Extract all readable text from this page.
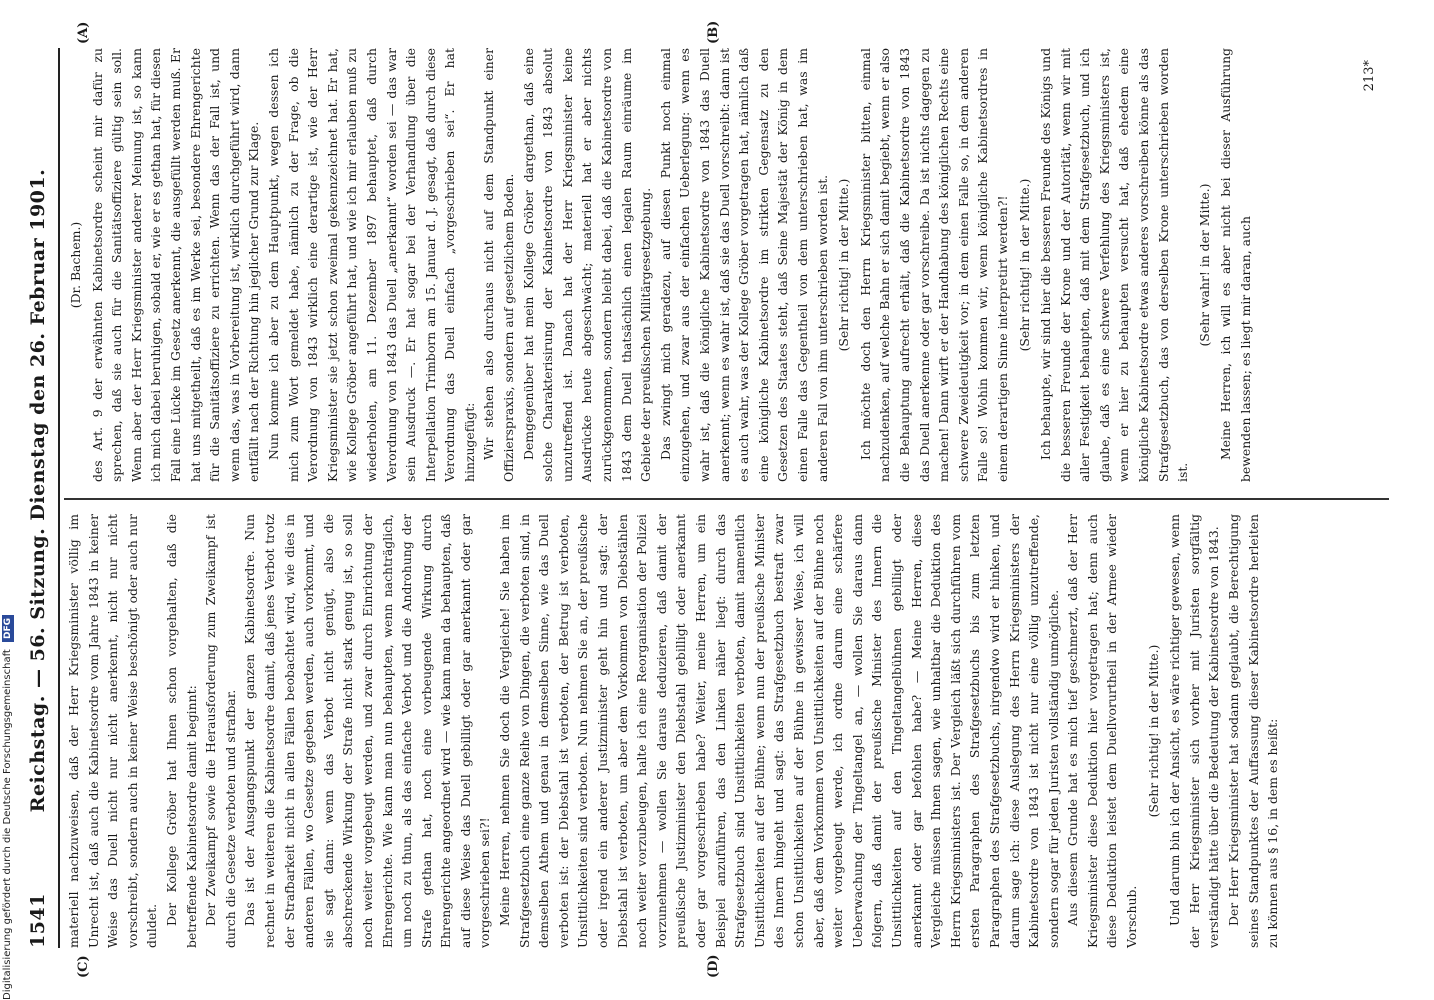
1541
Reichstag. — 56. Sitzung. Dienstag den 26. Februar 1901.
(C)	(D)
(A)	(B)

materiell nachzuweisen, daß der Herr Kriegsminister völlig im Unrecht ist, daß auch die Kabinetsordre vom Jahre 1843 in keiner Weise das Duell nicht nur nicht anerkennt, nicht nur nicht vorschreibt, sondern auch in keiner Weise beschönigt oder auch nur duldet. Der Kollege Gröber hat Ihnen schon vorgehalten, daß die betreffende Kabinetsordre damit beginnt: Der Zweikampf sowie die Herausforderung zum Zweikampf ist durch die Gesetze verboten und strafbar. Das ist der Ausgangspunkt der ganzen Kabinetsordre. Nun rechnet in weiteren die Kabinetsordre damit, daß jenes Verbot trotz der Strafbarkeit nicht in allen Fällen beobachtet wird, wie dies in anderen Fällen, wo Gesetze gegeben werden, auch vorkommt, und sie sagt dann: wenn das Verbot nicht genügt, also die abschreckende Wirkung der Strafe nicht stark genug ist, so soll noch weiter vorgebeugt werden, und zwar durch Einrichtung der Ehrengerichte. Wie kann man nun behaupten, wenn nachträglich, um noch zu thun, als das einfache Verbot und die Androhung der Strafe gethan hat, noch eine vorbeugende Wirkung durch Ehrengerichte angeordnet wird — wie kann man da behaupten, daß auf diese Weise das Duell gebilligt oder gar anerkannt oder gar vorgeschrieben sei?! Meine Herren, nehmen Sie doch die Vergleiche! Sie haben im Strafgesetzbuch eine ganze Reihe von Dingen, die verboten sind, in demselben Athem und genau in demselben Sinne, wie das Duell verboten ist: der Diebstahl ist verboten, der Betrug ist verboten, Unsittlichkeiten sind verboten. Nun nehmen Sie an, der preußische oder irgend ein anderer Justizminister geht hin und sagt: der Diebstahl ist verboten, um aber dem Vorkommen von Diebstählen noch weiter vorzubeugen, halte ich eine Reorganisation der Polizei vorzunehmen — wollen Sie daraus deduzieren, daß damit der preußische Justizminister den Diebstahl gebilligt oder anerkannt oder gar vorgeschrieben habe? Weiter, meine Herren, um ein Beispiel anzuführen, das den Linken näher liegt: durch das Strafgesetzbuch sind Unsittlichkeiten verboten, damit namentlich Unsittlichkeiten auf der Bühne; wenn nun der preußische Minister des Innern hingeht und sagt: das Strafgesetzbuch bestraft zwar schon Unsittlichkeiten auf der Bühne in gewisser Weise, ich will aber, daß dem Vorkommen von Unsittlichkeiten auf der Bühne noch weiter vorgebeugt werde, ich ordne darum eine schärfere Ueberwachung der Tingeltangel an, — wollen Sie daraus dann folgern, daß damit der preußische Minister des Innern die Unsittlichkeiten auf den Tingeltangelbühnen gebilligt oder anerkannt oder gar befohlen habe? — Meine Herren, diese Vergleiche müssen Ihnen sagen, wie unhaltbar die Deduktion des Herrn Kriegsministers ist. Der Vergleich läßt sich durchführen vom ersten Paragraphen des Strafgesetzbuchs bis zum letzten Paragraphen des Strafgesetzbuchs, nirgendwo wird er hinken, und darum sage ich: diese Auslegung des Herrn Kriegsministers der Kabinetsordre von 1843 ist nicht nur eine völlig unzutreffende, sondern sogar für jeden Juristen vollständig unmögliche. Aus diesem Grunde hat es mich tief geschmerzt, daß der Herr Kriegsminister diese Deduktion hier vorgetragen hat; denn auch diese Deduktion leistet dem Duellvorurtheil in der Armee wieder Vorschub.

(Sehr richtig! in der Mitte.) Und darum bin ich der Ansicht, es wäre richtiger gewesen, wenn der Herr Kriegsminister sich vorher mit Juristen sorgfältig verständigt hätte über die Bedeutung der Kabinetsordre von 1843. Der Herr Kriegsminister hat sodann geglaubt, die Berechtigung seines Standpunktes der Auffassung dieser Kabinetsordre herleiten zu können aus § 16, in dem es heißt:

(Dr. Bachem.) des Art. 9 der erwähnten Kabinetsordre scheint mir dafür zu sprechen, daß sie auch für die Sanitätsoffiziere gültig sein soll. Wenn aber der Herr Kriegsminister anderer Meinung ist, so kann ich mich dabei beruhigen, sobald er, wie er es gethan hat, für diesen Fall eine Lücke im Gesetz anerkennt, die ausgefüllt werden muß. Er hat uns mitgetheilt, daß es im Werke sei, besondere Ehrengerichte für die Sanitätsoffiziere zu errichten. Wenn das der Fall ist, und wenn das, was in Vorbereitung ist, wirklich durchgeführt wird, dann entfällt nach der Richtung hin jeglicher Grund zur Klage. Nun komme ich aber zu dem Hauptpunkt, wegen dessen ich mich zum Wort gemeldet habe, nämlich zu der Frage, ob die Verordnung von 1843 wirklich eine derartige ist, wie der Herr Kriegsminister sie jetzt schon zweimal gekennzeichnet hat. Er hat, wie Kollege Gröber angeführt hat, und wie ich mir erlauben muß zu wiederholen, am 11. Dezember 1897 behauptet, daß durch Verordnung von 1843 das Duell „anerkannt“ worden sei — das war sein Ausdruck —. Er hat sogar bei der Verhandlung über die Interpellation Trimborn am 15. Januar d. J. gesagt, daß durch diese Verordnung das Duell einfach „vorgeschrieben sei“. Er hat hinzugefügt: Wir stehen also durchaus nicht auf dem Standpunkt einer Offizierspraxis, sondern auf gesetzlichem Boden. Demgegenüber hat mein Kollege Gröber dargethan, daß eine solche Charakterisirung der Kabinetsordre von 1843 absolut unzutreffend ist. Danach hat der Herr Kriegsminister keine Ausdrücke heute abgeschwächt; materiell hat er aber nichts zurückgenommen, sondern bleibt dabei, daß die Kabinetsordre von 1843 dem Duell thatsächlich einen legalen Raum einräume im Gebiete der preußischen Militärgesetzgebung. Das zwingt mich geradezu, auf diesen Punkt noch einmal einzugehen, und zwar aus der einfachen Ueberlegung: wenn es wahr ist, daß die königliche Kabinetsordre von 1843 das Duell anerkennt; wenn es wahr ist, daß sie das Duell vorschreibt: dann ist es auch wahr, was der Kollege Gröber vorgetragen hat, nämlich daß eine königliche Kabinetsordre im strikten Gegensatz zu den Gesetzen des Staates steht, daß Seine Majestät der König in dem einen Falle das Gegentheil von dem unterschrieben hat, was im anderen Fall von ihm unterschrieben worden ist. (Sehr richtig! in der Mitte.) Ich möchte doch den Herrn Kriegsminister bitten, einmal nachzudenken, auf welche Bahn er sich damit begiebt, wenn er also die Behauptung aufrecht erhält, daß die Kabinetsordre von 1843 das Duell anerkenne oder gar vorschreibe. Da ist nichts dagegen zu machen! Dann wirft er der Handhabung des königlichen Rechts eine schwere Zweideutigkeit vor; in dem einen Falle so, in dem anderen Falle so! Wohin kommen wir, wenn königliche Kabinetsordres in einem derartigen Sinne interpretirt werden?! (Sehr richtig! in der Mitte.) Ich behaupte, wir sind hier die besseren Freunde des Königs und die besseren Freunde der Krone und der Autorität, wenn wir mit aller Festigkeit behaupten, daß mit dem Strafgesetzbuch, und ich glaube, daß es eine schwere Verfehlung des Kriegsministers ist, wenn er hier zu behaupten versucht hat, daß ehedem eine königliche Kabinetsordre etwas anderes vorschreiben könne als das Strafgesetzbuch, das von derselben Krone unterschrieben worden ist.

(Sehr wahr! in der Mitte.) Meine Herren, ich will es aber nicht bei dieser Ausführung bewenden lassen; es liegt mir daran, auch

213*
Digitalisierung gefördert durch die Deutsche Forschungsgemeinschaft DFG
